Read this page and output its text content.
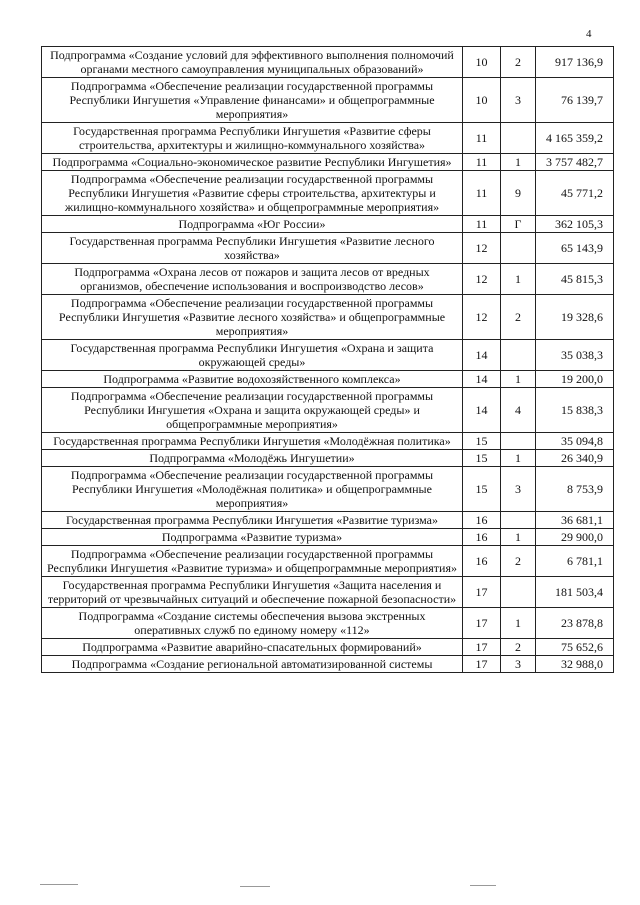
4
Подпрограмма «Создание условий для эффективного выполнения полномочий органами местного самоуправления муниципальных образований»	10	2	917 136,9
Подпрограмма «Обеспечение реализации государственной программы Республики Ингушетия «Управление финансами» и общепрограммные мероприятия»	10	3	76 139,7
Государственная программа Республики Ингушетия «Развитие сферы строительства, архитектуры и жилищно-коммунального хозяйства»	11		4 165 359,2
Подпрограмма «Социально-экономическое развитие Республики Ингушетия»	11	1	3 757 482,7
Подпрограмма «Обеспечение реализации государственной программы Республики Ингушетия «Развитие сферы строительства, архитектуры и жилищно-коммунального хозяйства» и общепрограммные мероприятия»	11	9	45 771,2
Подпрограмма «Юг России»	11	Г	362 105,3
Государственная программа Республики Ингушетия «Развитие лесного хозяйства»	12		65 143,9
Подпрограмма «Охрана лесов от пожаров и защита лесов от вредных организмов, обеспечение использования и воспроизводство лесов»	12	1	45 815,3
Подпрограмма «Обеспечение реализации государственной программы Республики Ингушетия «Развитие лесного хозяйства» и общепрограммные мероприятия»	12	2	19 328,6
Государственная программа Республики Ингушетия «Охрана и защита окружающей среды»	14		35 038,3
Подпрограмма «Развитие водохозяйственного комплекса»	14	1	19 200,0
Подпрограмма «Обеспечение реализации государственной программы Республики Ингушетия «Охрана и защита окружающей среды» и общепрограммные мероприятия»	14	4	15 838,3
Государственная программа Республики Ингушетия «Молодёжная политика»	15		35 094,8
Подпрограмма «Молодёжь Ингушетии»	15	1	26 340,9
Подпрограмма «Обеспечение реализации государственной программы Республики Ингушетия «Молодёжная политика» и общепрограммные мероприятия»	15	3	8 753,9
Государственная программа Республики Ингушетия «Развитие туризма»	16		36 681,1
Подпрограмма «Развитие туризма»	16	1	29 900,0
Подпрограмма «Обеспечение реализации государственной программы Республики Ингушетия «Развитие туризма» и общепрограммные мероприятия»	16	2	6 781,1
Государственная программа Республики Ингушетия «Защита населения и территорий от чрезвычайных ситуаций и обеспечение пожарной безопасности»	17		181 503,4
Подпрограмма «Создание системы обеспечения вызова экстренных оперативных служб по единому номеру «112»	17	1	23 878,8
Подпрограмма «Развитие аварийно-спасательных формирований»	17	2	75 652,6
Подпрограмма «Создание региональной автоматизированной системы	17	3	32 988,0
